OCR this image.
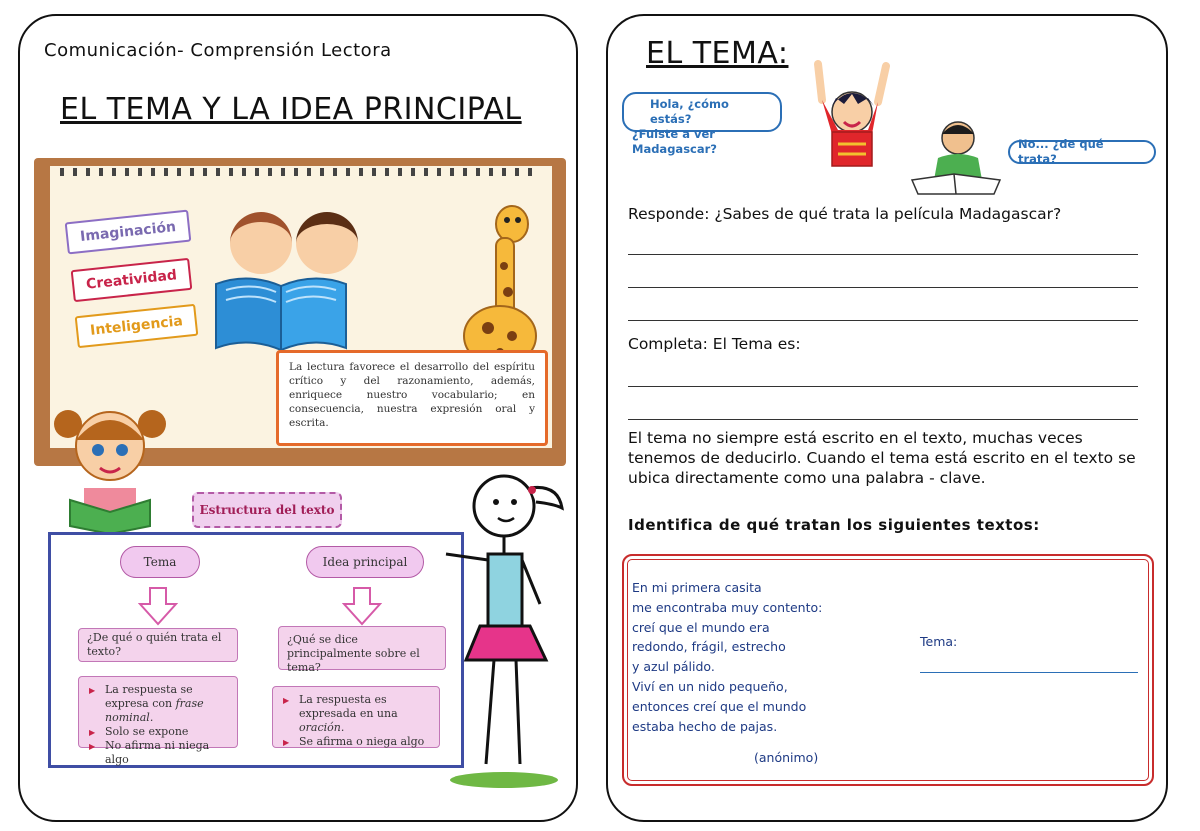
Comunicación- Comprensión Lectora
EL TEMA Y LA IDEA PRINCIPAL
Imaginación
Creatividad
Inteligencia
La lectura favorece el desarrollo del espíritu crítico y del razonamiento, además, enriquece nuestro vocabulario; en consecuencia, nuestra expresión oral y escrita.
Estructura del texto
Tema	Idea principal
¿De qué o quién trata el texto?
¿Qué se dice principalmente sobre el tema?
▶ La respuesta se expresa con frase nominal.
▶ Solo se expone
▶ No afirma ni niega algo
▶ La respuesta es expresada en una oración.
▶ Se afirma o niega algo
EL TEMA:
Hola, ¿cómo estás?
¿Fuiste a ver Madagascar?	No... ¿de qué trata?
Responde: ¿Sabes de qué trata la película Madagascar?
Completa: El Tema es:
El tema no siempre está escrito en el texto, muchas veces tenemos de deducirlo. Cuando el tema está escrito en el texto se ubica directamente como una palabra - clave.
Identifica de qué tratan los siguientes textos:
En mi primera casita
me encontraba muy contento:
creí que el mundo era
redondo, frágil, estrecho
y azul pálido.
Viví en un nido pequeño,
entonces creí que el mundo
estaba hecho de pajas.
(anónimo)
Tema:
